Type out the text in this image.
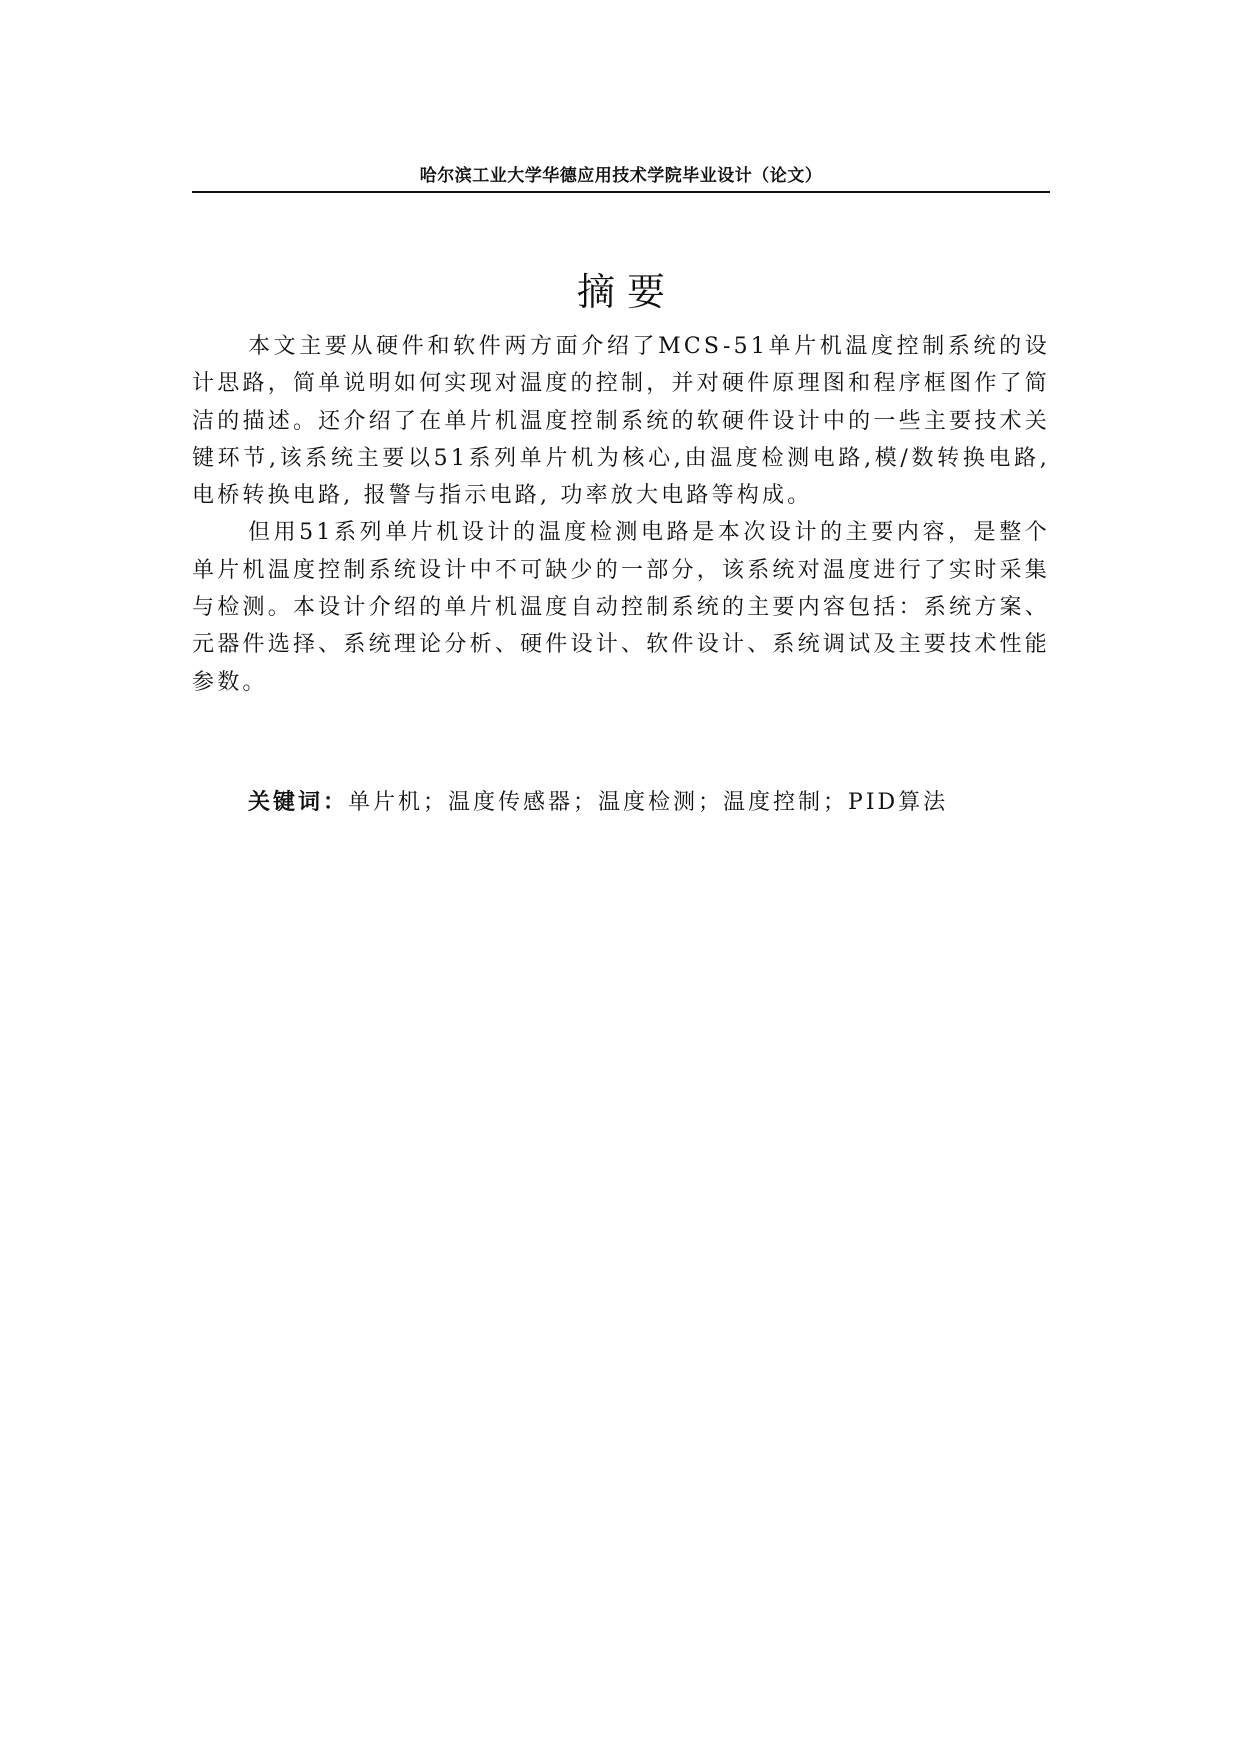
哈尔滨工业大学华德应用技术学院毕业设计（论文）
摘 要

本文主要从硬件和软件两方面介绍了MCS-51单片机温度控制系统的设计思路，简单说明如何实现对温度的控制，并对硬件原理图和程序框图作了简洁的描述。还介绍了在单片机温度控制系统的软硬件设计中的一些主要技术关键环节,该系统主要以51系列单片机为核心,由温度检测电路,模/数转换电路, 电桥转换电路, 报警与指示电路, 功率放大电路等构成。

但用51系列单片机设计的温度检测电路是本次设计的主要内容，是整个单片机温度控制系统设计中不可缺少的一部分，该系统对温度进行了实时采集与检测。本设计介绍的单片机温度自动控制系统的主要内容包括：系统方案、元器件选择、系统理论分析、硬件设计、软件设计、系统调试及主要技术性能参数。

关键词：单片机；温度传感器；温度检测；温度控制；PID算法
